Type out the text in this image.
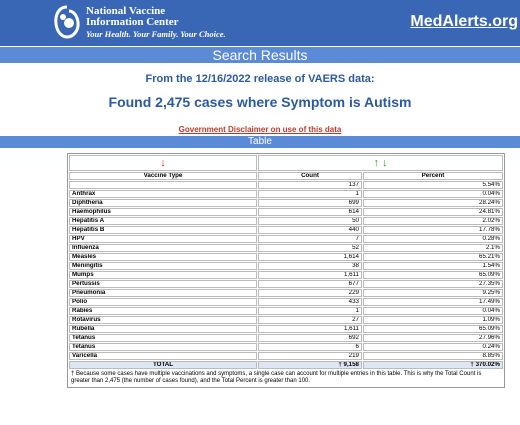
National Vaccine
Information Center
Your Health. Your Family. Your Choice.
MedAlerts.org
Search Results
From the 12/16/2022 release of VAERS data:
Found 2,475 cases where Symptom is Autism
Government Disclaimer on use of this data
Table
↓	↑ ↓	
Vaccine Type	Count	Percent
	137	5.54%
Anthrax	1	0.04%
Diphtheria	699	28.24%
Haemophilus	614	24.81%
Hepatitis A	50	2.02%
Hepatitis B	440	17.78%
HPV	7	0.28%
Influenza	52	2.1%
Measles	1,614	65.21%
Meningitis	38	1.54%
Mumps	1,611	65.09%
Pertussis	677	27.35%
Pneumonia	229	9.25%
Polio	433	17.49%
Rabies	1	0.04%
Rotavirus	27	1.09%
Rubella	1,611	65.09%
Tetanus	692	27.96%
Tetanus	6	0.24%
Varicella	219	8.85%
TOTAL	† 9,158	† 370.02%
† Because some cases have multiple vaccinations and symptoms, a single case can account for multiple entries in this table. This is why the Total Count is greater than 2,475 (the number of cases found), and the Total Percent is greater than 100.		
